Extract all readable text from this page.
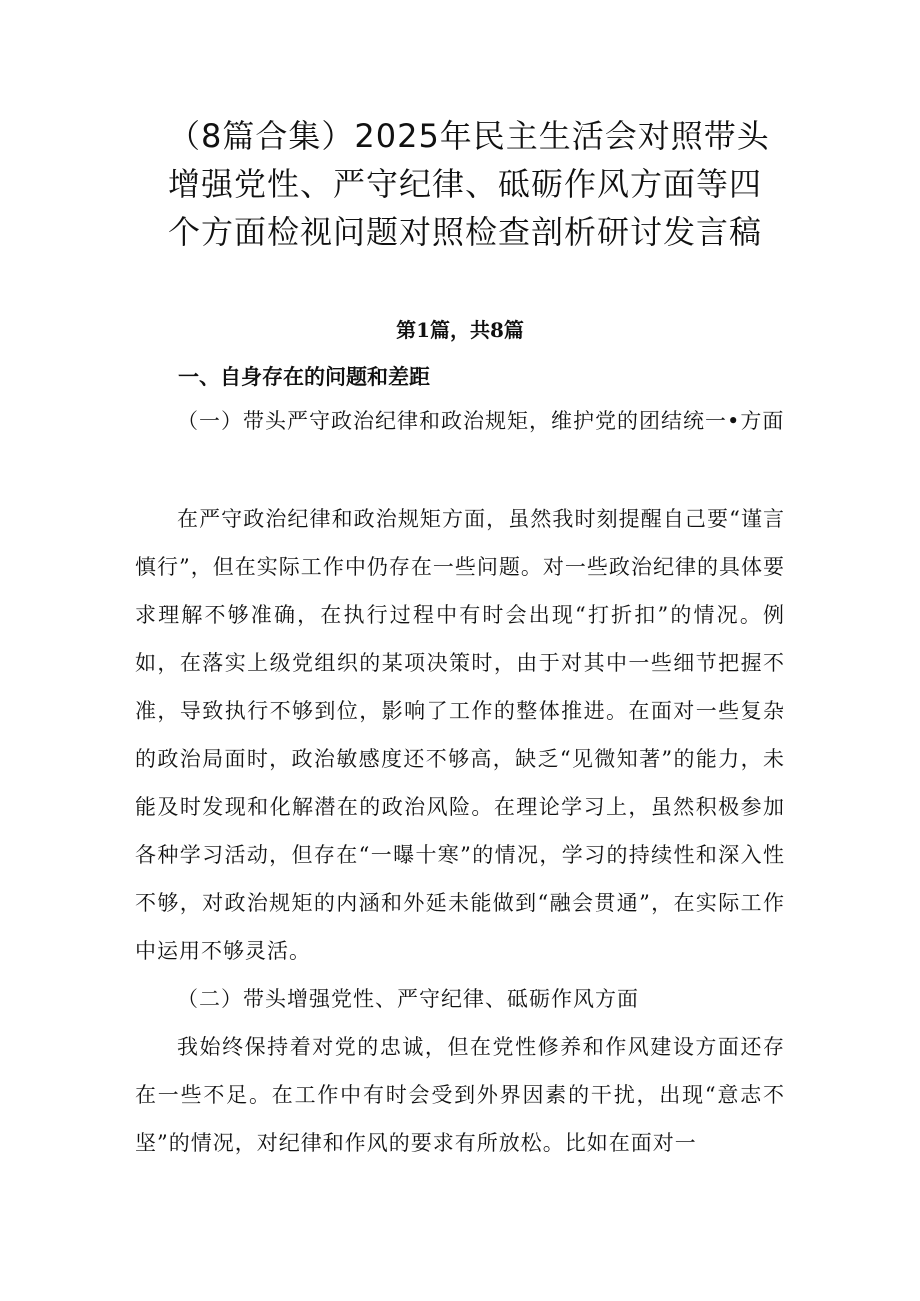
（8篇合集）2025年民主生活会对照带头增强党性、严守纪律、砥砺作风方面等四个方面检视问题对照检查剖析研讨发言稿
第1篇，共8篇
一、自身存在的问题和差距
（一）带头严守政治纪律和政治规矩，维护党的团结统一•方面
在严守政治纪律和政治规矩方面，虽然我时刻提醒自己要“谨言慎行”，但在实际工作中仍存在一些问题。对一些政治纪律的具体要求理解不够准确，在执行过程中有时会出现“打折扣”的情况。例如，在落实上级党组织的某项决策时，由于对其中一些细节把握不准，导致执行不够到位，影响了工作的整体推进。在面对一些复杂的政治局面时，政治敏感度还不够高，缺乏“见微知著”的能力，未能及时发现和化解潜在的政治风险。在理论学习上，虽然积极参加各种学习活动，但存在“一曝十寒”的情况，学习的持续性和深入性不够，对政治规矩的内涵和外延未能做到“融会贯通”，在实际工作中运用不够灵活。
（二）带头增强党性、严守纪律、砥砺作风方面
我始终保持着对党的忠诚，但在党性修养和作风建设方面还存在一些不足。在工作中有时会受到外界因素的干扰，出现“意志不坚”的情况，对纪律和作风的要求有所放松。比如在面对一
